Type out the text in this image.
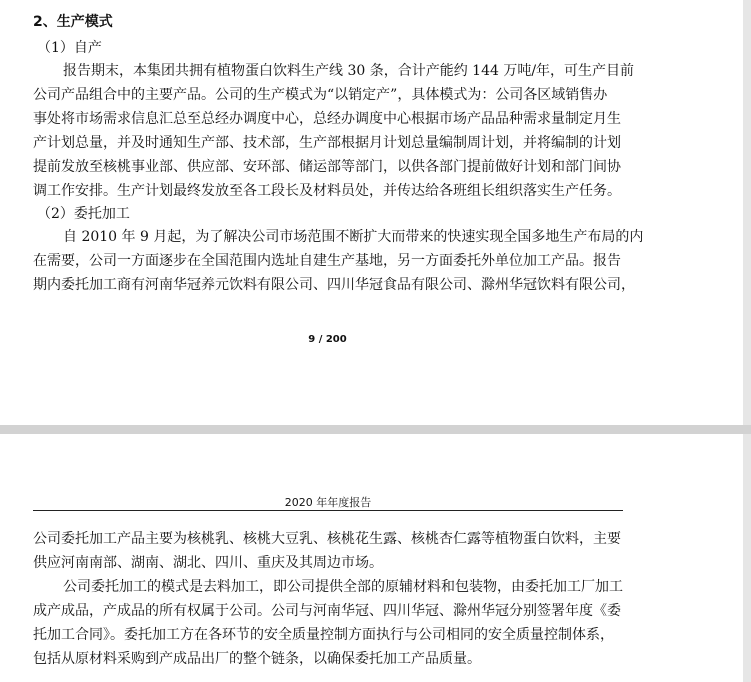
2、生产模式
（1）自产
报告期末，本集团共拥有植物蛋白饮料生产线 30 条，合计产能约 144 万吨/年，可生产目前
公司产品组合中的主要产品。公司的生产模式为“以销定产”，具体模式为：公司各区域销售办
事处将市场需求信息汇总至总经办调度中心，总经办调度中心根据市场产品品种需求量制定月生
产计划总量，并及时通知生产部、技术部，生产部根据月计划总量编制周计划，并将编制的计划
提前发放至核桃事业部、供应部、安环部、储运部等部门，以供各部门提前做好计划和部门间协
调工作安排。生产计划最终发放至各工段长及材料员处，并传达给各班组长组织落实生产任务。
（2）委托加工
自 2010 年 9 月起，为了解决公司市场范围不断扩大而带来的快速实现全国多地生产布局的内
在需要，公司一方面逐步在全国范围内选址自建生产基地，另一方面委托外单位加工产品。报告
期内委托加工商有河南华冠养元饮料有限公司、四川华冠食品有限公司、滁州华冠饮料有限公司，
9 / 200
2020 年年度报告
公司委托加工产品主要为核桃乳、核桃大豆乳、核桃花生露、核桃杏仁露等植物蛋白饮料，主要
供应河南南部、湖南、湖北、四川、重庆及其周边市场。
公司委托加工的模式是去料加工，即公司提供全部的原辅材料和包装物，由委托加工厂加工
成产成品，产成品的所有权属于公司。公司与河南华冠、四川华冠、滁州华冠分别签署年度《委
托加工合同》。委托加工方在各环节的安全质量控制方面执行与公司相同的安全质量控制体系，
包括从原材料采购到产成品出厂的整个链条，以确保委托加工产品质量。
